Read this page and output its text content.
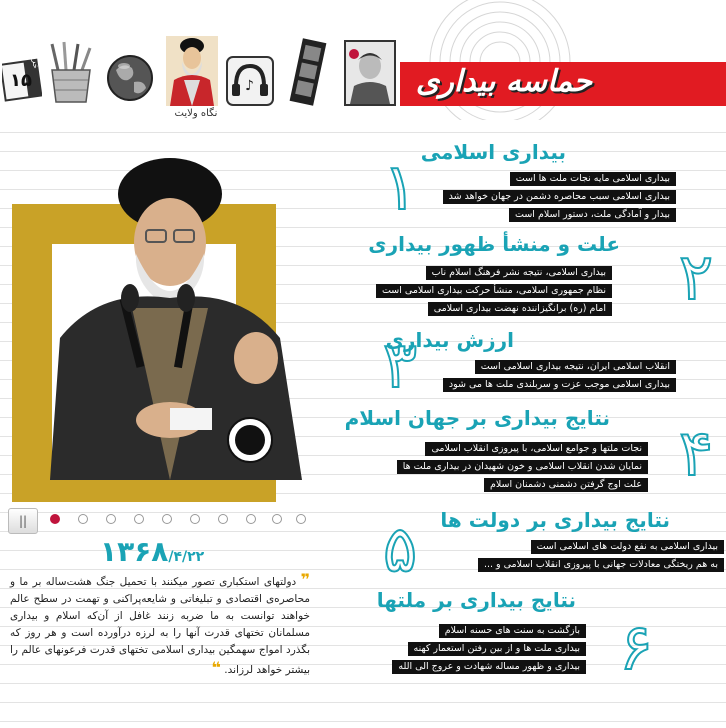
حماسه بیداری
۱۵
خرداد
♪
نگاه ولایت
||
۱۳۶۸/۴/۲۲
❞ دولتهای استکباری تصور میکنند با تحمیل جنگ هشت‌ساله بر ما و محاصره‌ی اقتصادی و تبلیغاتی و شایعه‌پراکنی و تهمت در سطح عالم خواهند توانست به ما ضربه زنند غافل از آن‌که اسلام و بیداری مسلمانان تختهای قدرت آنها را به لرزه درآورده است و هر روز که بگذرد امواج سهمگین بیداری اسلامی تختهای قدرت فرعونهای عالم را بیشتر خواهد لرزاند. ❝
۱ بیداری اسلامی
بیداری اسلامی مایه نجات ملت ها است
بیداری اسلامی سبب محاصره دشمن در جهان خواهد شد
بیدار و آمادگی ملت، دستور اسلام است
۲
علت و منشأ ظهور بیداری
بیداری اسلامی، نتیجه نشر فرهنگ اسلام ناب
نظام جمهوری اسلامی، منشأ حرکت بیداری اسلامی است
امام (ره) برانگیزاننده نهضت بیداری اسلامی
۳
ارزش بیداری
انقلاب اسلامی ایران، نتیجه بیداری اسلامی است
بیداری اسلامی موجب عزت و سربلندی ملت ها می شود
۴
نتایج بیداری بر جهان اسلام
نجات ملتها و جوامع اسلامی، با پیروزی انقلاب اسلامی
نمایان شدن انقلاب اسلامی و خون شهیدان در بیداری ملت ها
علت اوج گرفتن دشمنی دشمنان اسلام
۵	نتایج بیداری بر دولت ها
بیداری اسلامی به نفع دولت های اسلامی است
به هم ریختگی معادلات جهانی با پیروزی انقلاب اسلامی و ...
۶
نتایج بیداری بر ملتها
بازگشت به سنت های حسنه اسلام
بیداری ملت ها و از بین رفتن استعمار کهنه
بیداری و ظهور مساله شهادت و عروج الی الله
